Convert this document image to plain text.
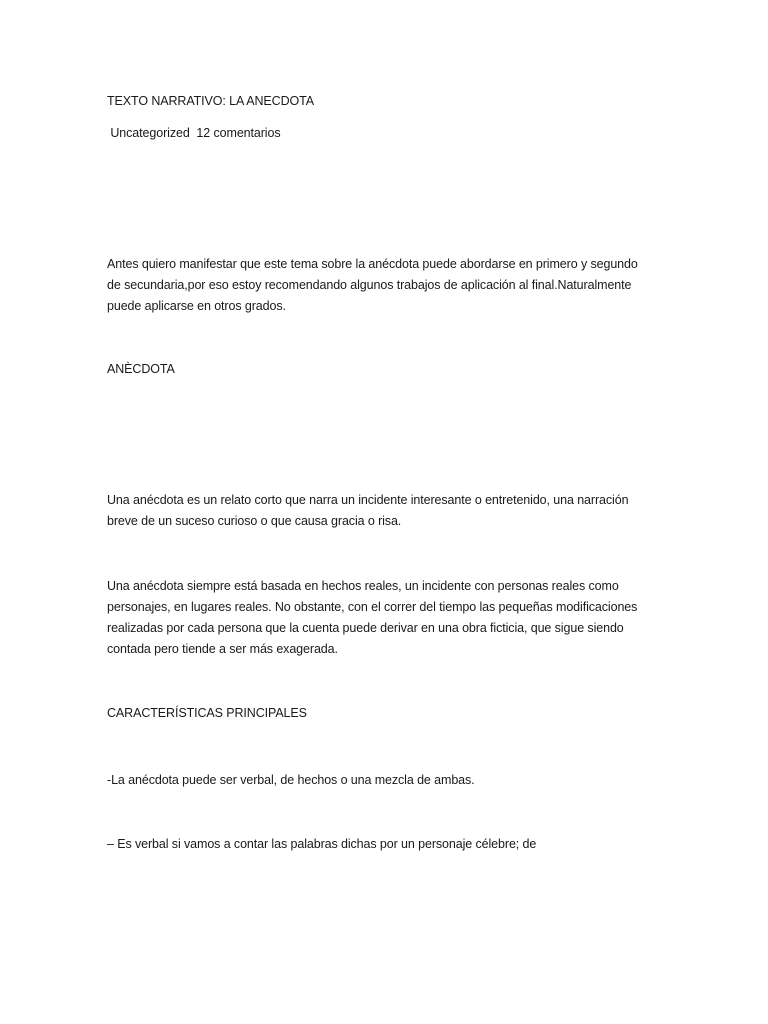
TEXTO NARRATIVO: LA ANECDOTA
Uncategorized  12 comentarios
Antes quiero manifestar que este tema sobre la anécdota puede abordarse en primero y segundo
de secundaria,por eso estoy recomendando algunos trabajos de aplicación al final.Naturalmente
puede aplicarse en otros grados.
ANÈCDOTA
Una anécdota es un relato corto que narra un incidente interesante o entretenido, una narración
breve de un suceso curioso o que causa gracia o risa.
Una anécdota siempre está basada en hechos reales, un incidente con personas reales como
personajes, en lugares reales. No obstante, con el correr del tiempo las pequeñas modificaciones
realizadas por cada persona que la cuenta puede derivar en una obra ficticia, que sigue siendo
contada pero tiende a ser más exagerada.
CARACTERÍSTICAS PRINCIPALES
-La anécdota puede ser verbal, de hechos o una mezcla de ambas.
– Es verbal si vamos a contar las palabras dichas por un personaje célebre; de
